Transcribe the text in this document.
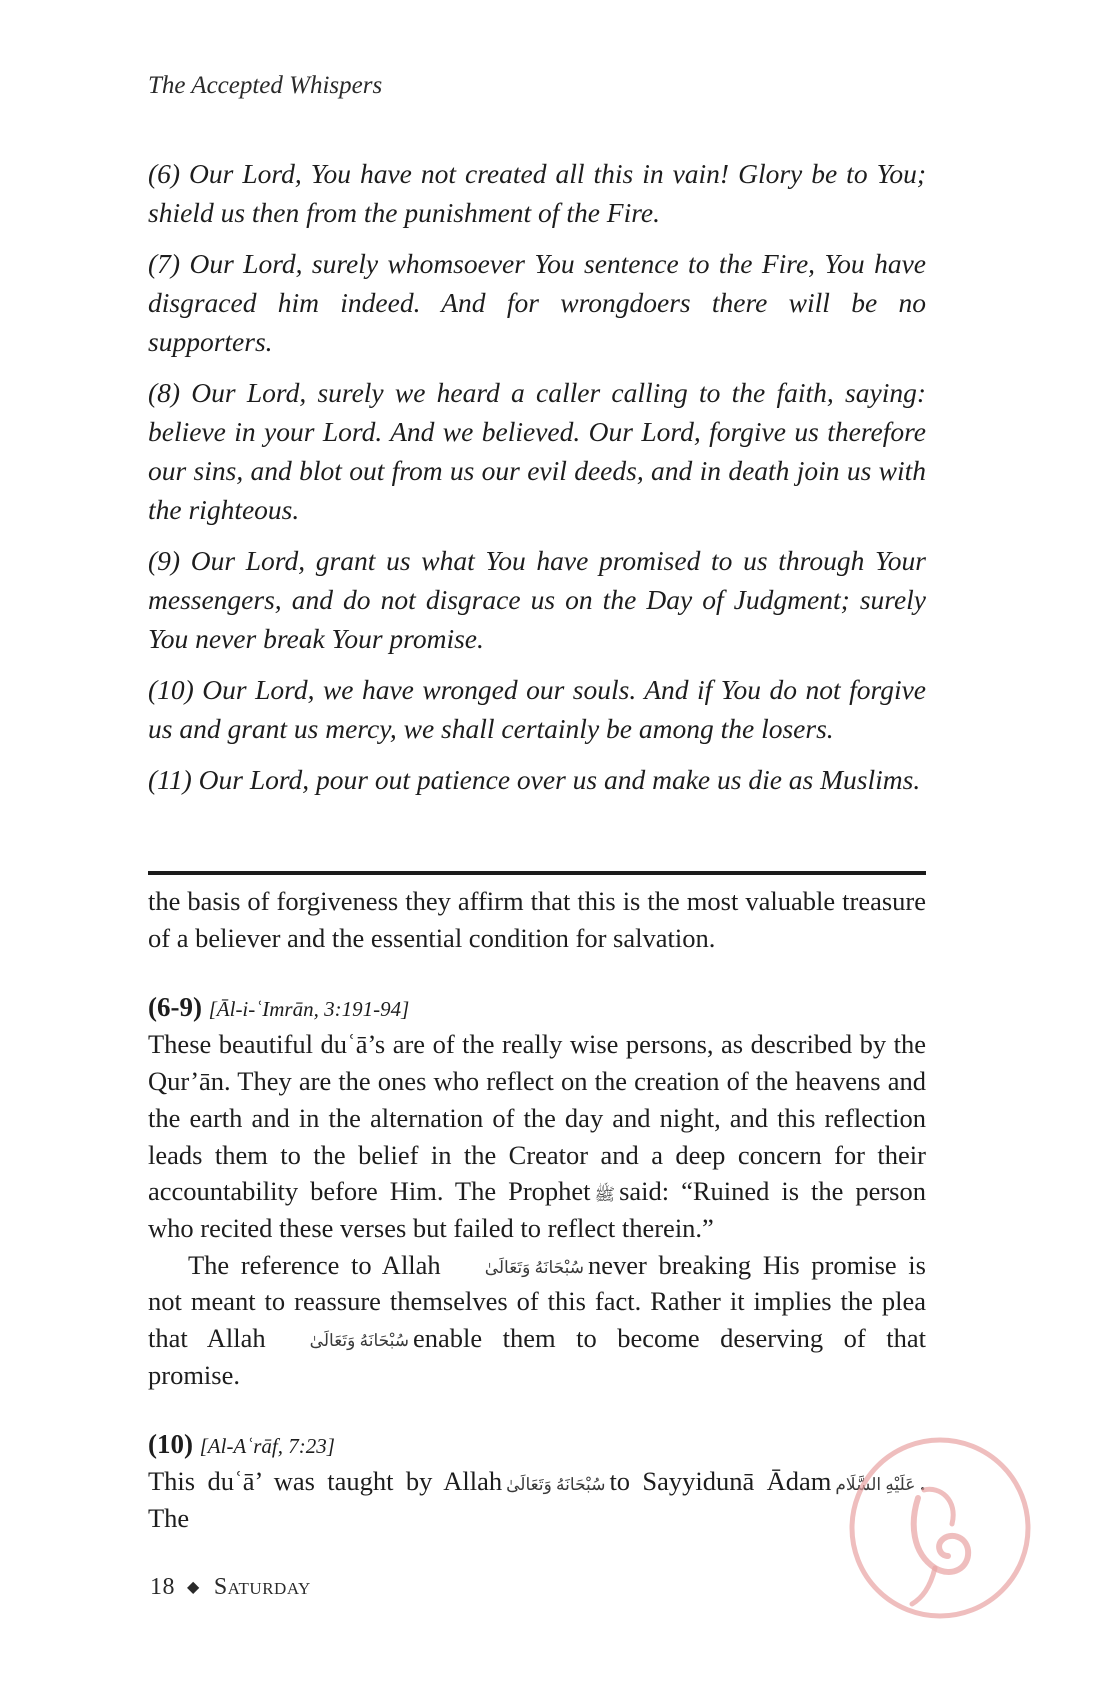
The Accepted Whispers

(6) Our Lord, You have not created all this in vain! Glory be to You; shield us then from the punishment of the Fire.

(7) Our Lord, surely whomsoever You sentence to the Fire, You have disgraced him indeed. And for wrongdoers there will be no supporters.

(8) Our Lord, surely we heard a caller calling to the faith, saying: believe in your Lord. And we believed. Our Lord, forgive us therefore our sins, and blot out from us our evil deeds, and in death join us with the righteous.

(9) Our Lord, grant us what You have promised to us through Your messengers, and do not disgrace us on the Day of Judgment; surely You never break Your promise.

(10) Our Lord, we have wronged our souls. And if You do not forgive us and grant us mercy, we shall certainly be among the losers.

(11) Our Lord, pour out patience over us and make us die as Muslims.

the basis of forgiveness they affirm that this is the most valuable treasure of a believer and the essential condition for salvation.

(6-9) [Āl-i-ʿImrān, 3:191-94]

These beautiful duʿā’s are of the really wise persons, as described by the Qur’ān. They are the ones who reflect on the creation of the heavens and the earth and in the alternation of the day and night, and this reflection leads them to the belief in the Creator and a deep concern for their accountability before Him. The Prophet ﷺ said: “Ruined is the person who recited these verses but failed to reflect therein.”

The reference to Allah	سُبْحَانَهُ وَتَعَالَىٰ never breaking His promise is not meant to reassure themselves of this fact. Rather it implies the plea that Allah	سُبْحَانَهُ وَتَعَالَىٰ enable them to become deserving of that promise.

(10) [Al-Aʿrāf, 7:23]

This duʿā’ was taught by Allah سُبْحَانَهُ وَتَعَالَىٰ to Sayyidunā Ādam عَلَيْهِ السَّلَام . The

18 ◆ Saturday
